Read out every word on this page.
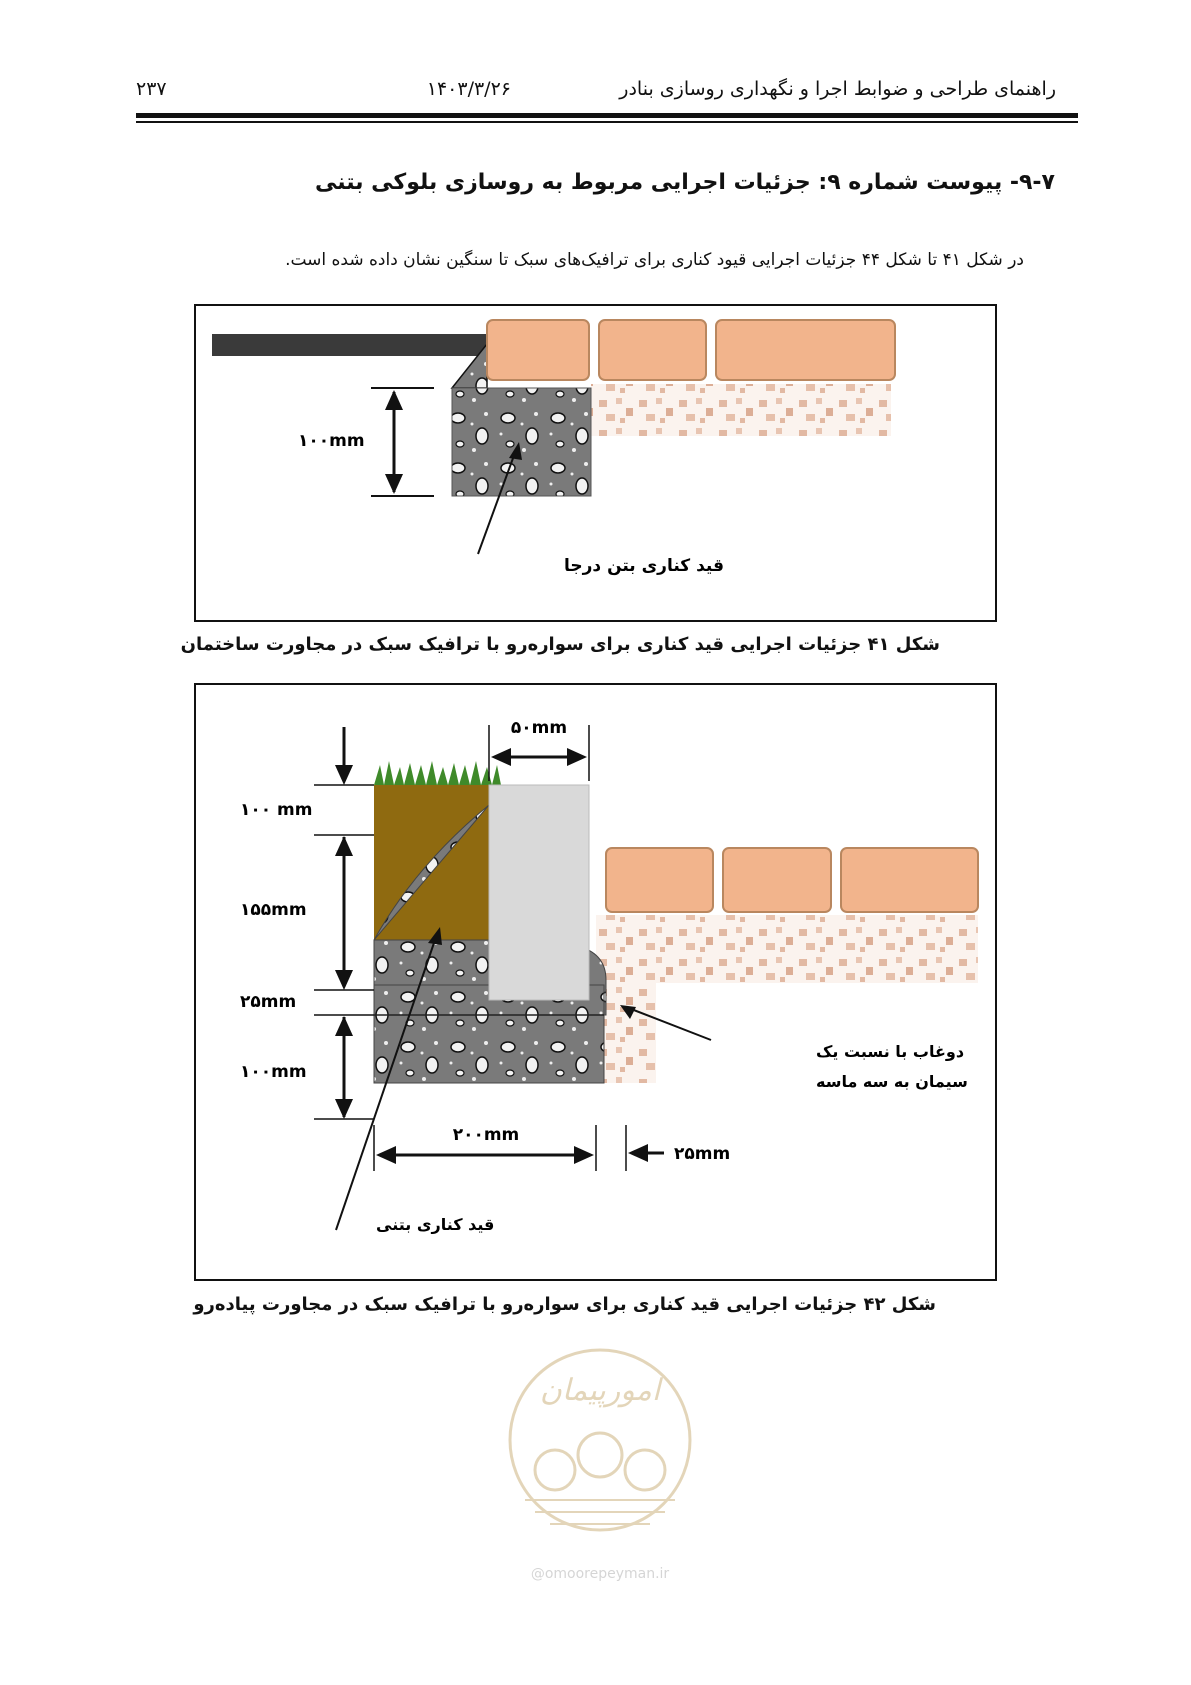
راهنمای طراحی و ضوابط اجرا و نگهداری روسازی بنادر
۱۴۰۳/۳/۲۶
۲۳۷
۹-۷- پیوست شماره ۹: جزئیات اجرایی مربوط به روسازی بلوکی بتنی
در شکل ۴۱ تا شکل ۴۴ جزئیات اجرایی قیود کناری برای ترافیک‌های سبک تا سنگین نشان داده شده است.
۱۰۰mm
قید کناری بتن درجا
شکل ۴۱ جزئیات اجرایی قید کناری برای سواره‌رو با ترافیک سبک در مجاورت ساختمان
۱۰۰ mm
۱۵۵mm
۲۵mm
۱۰۰mm
۵۰mm
۲۰۰mm
۲۵mm
دوغاب با نسبت یک
سیمان به سه ماسه
قید کناری بتنی
شکل ۴۲ جزئیات اجرایی قید کناری برای سواره‌رو با ترافیک سبک در مجاورت پیاده‌رو
امورپیمان
@omoorepeyman.ir
